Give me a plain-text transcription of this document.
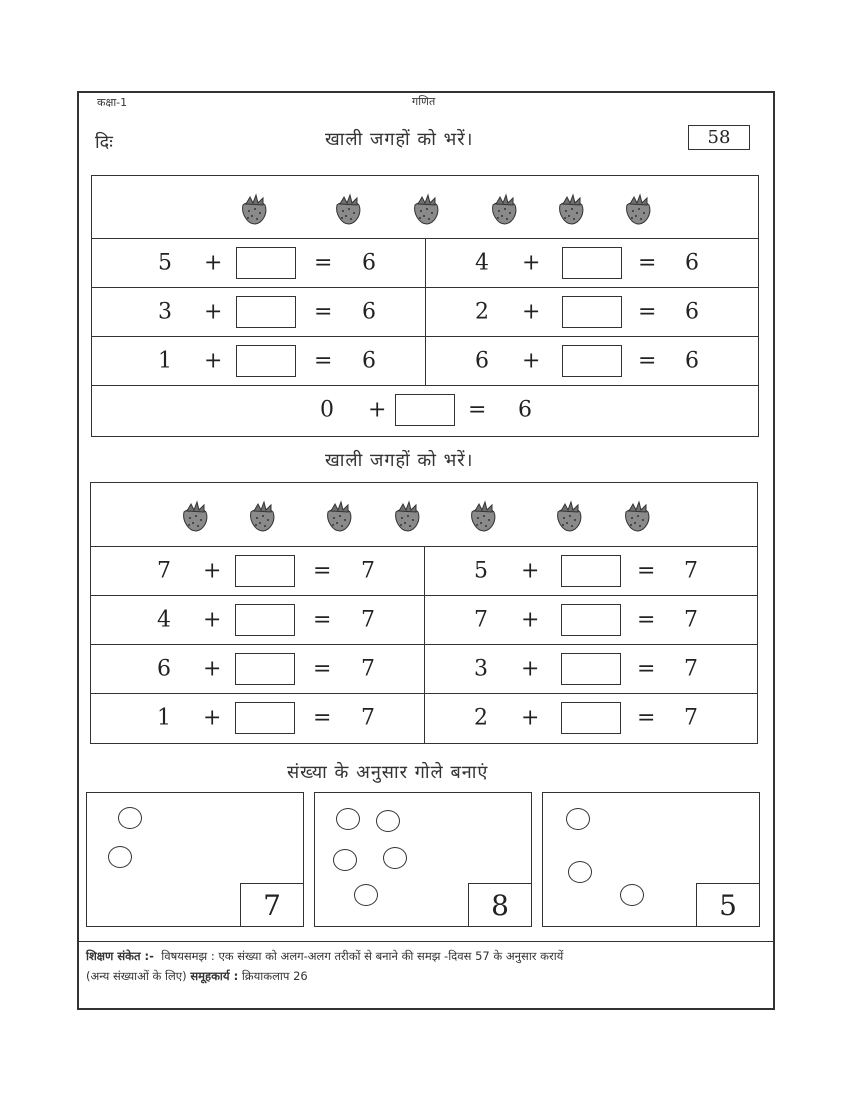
कक्षा-1	गणित
दिः	खाली जगहों को भरें।	58
5 +	= 6	4 +	= 6
3 +	= 6	2 +	= 6
1 +	= 6	6 +	= 6
0 +	= 6
खाली जगहों को भरें।
7 +	= 7	5 +	= 7
4 +	= 7	7 +	= 7
6 +	= 7	3 +	= 7
1 +	= 7	2 +	= 7
संख्या के अनुसार गोले बनाएं
7	8	5
शिक्षण संकेत :- विषयसमझ : एक संख्या को अलग-अलग तरीकों से बनाने की समझ -दिवस 57 के अनुसार करायें
(अन्य संख्याओं के लिए) समूहकार्य : क्रियाकलाप 26
